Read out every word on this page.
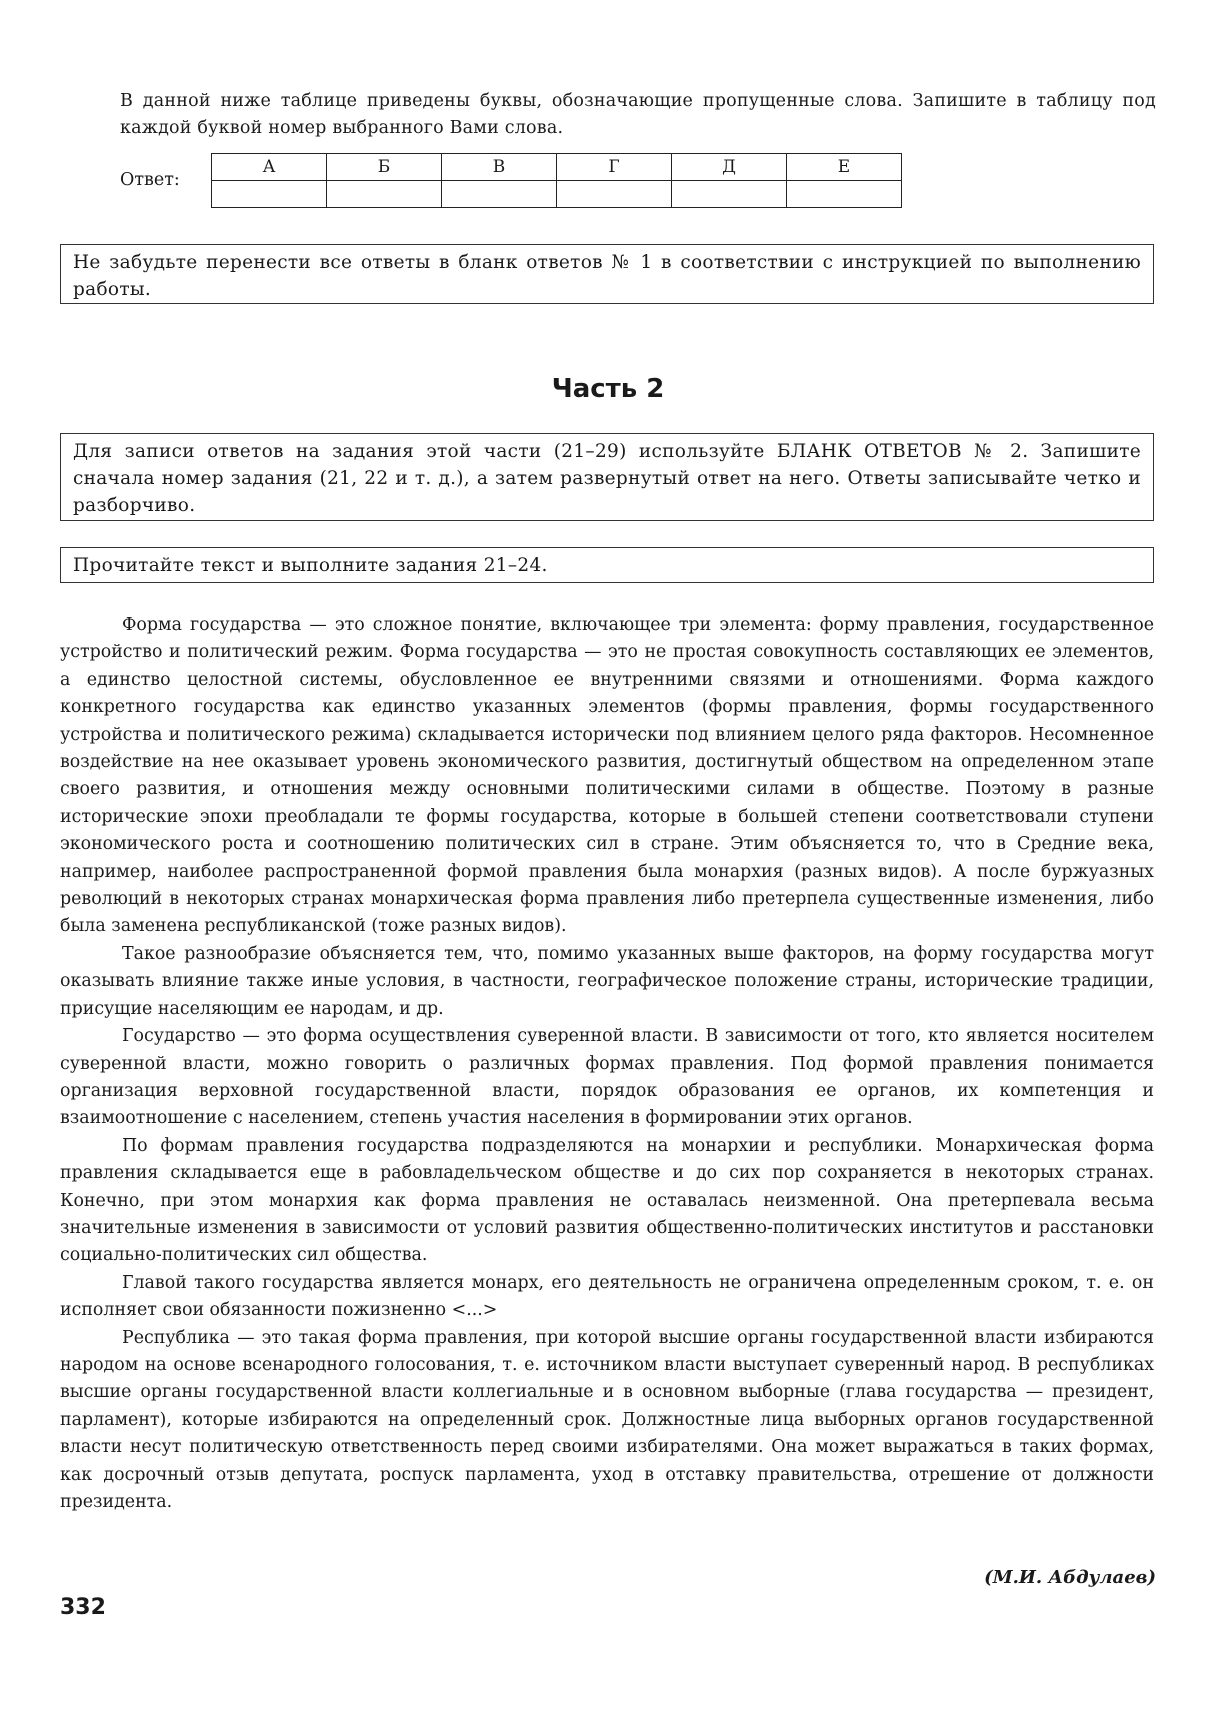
В данной ниже таблице приведены буквы, обозначающие пропущенные слова. Запишите в таблицу под каждой буквой номер выбранного Вами слова.
Ответ:
А	Б	В	Г	Д	Е

Не забудьте перенести все ответы в бланк ответов № 1 в соответствии с инструкцией по выполнению работы.
Часть 2
Для записи ответов на задания этой части (21–29) используйте БЛАНК ОТВЕТОВ № 2. Запишите сначала номер задания (21, 22 и т. д.), а затем развернутый ответ на него. Ответы записывайте четко и разборчиво.
Прочитайте текст и выполните задания 21–24.

Форма государства — это сложное понятие, включающее три элемента: форму правления, государственное устройство и политический режим. Форма государства — это не простая совокупность составляющих ее элементов, а единство целостной системы, обусловленное ее внутренними связями и отношениями. Форма каждого конкретного государства как единство указанных элементов (формы правления, формы государственного устройства и политического режима) складывается исторически под влиянием целого ряда факторов. Несомненное воздействие на нее оказывает уровень экономического развития, достигнутый обществом на определенном этапе своего развития, и отношения между основными политическими силами в обществе. Поэтому в разные исторические эпохи преобладали те формы государства, которые в большей степени соответствовали ступени экономического роста и соотношению политических сил в стране. Этим объясняется то, что в Средние века, например, наиболее распространенной формой правления была монархия (разных видов). А после буржуазных революций в некоторых странах монархическая форма правления либо претерпела существенные изменения, либо была заменена республиканской (тоже разных видов).

Такое разнообразие объясняется тем, что, помимо указанных выше факторов, на форму государства могут оказывать влияние также иные условия, в частности, географическое положение страны, исторические традиции, присущие населяющим ее народам, и др.

Государство — это форма осуществления суверенной власти. В зависимости от того, кто является носителем суверенной власти, можно говорить о различных формах правления. Под формой правления понимается организация верховной государственной власти, порядок образования ее органов, их компетенция и взаимоотношение с населением, степень участия населения в формировании этих органов.

По формам правления государства подразделяются на монархии и республики. Монархическая форма правления складывается еще в рабовладельческом обществе и до сих пор сохраняется в некоторых странах. Конечно, при этом монархия как форма правления не оставалась неизменной. Она претерпевала весьма значительные изменения в зависимости от условий развития общественно-политических институтов и расстановки социально-политических сил общества.

Главой такого государства является монарх, его деятельность не ограничена определенным сроком, т. е. он исполняет свои обязанности пожизненно <...>

Республика — это такая форма правления, при которой высшие органы государственной власти избираются народом на основе всенародного голосования, т. е. источником власти выступает суверенный народ. В республиках высшие органы государственной власти коллегиальные и в основном выборные (глава государства — президент, парламент), которые избираются на определенный срок. Должностные лица выборных органов государственной власти несут политическую ответственность перед своими избирателями. Она может выражаться в таких формах, как досрочный отзыв депутата, роспуск парламента, уход в отставку правительства, отрешение от должности президента.

(М.И. Абдулаев)
332
